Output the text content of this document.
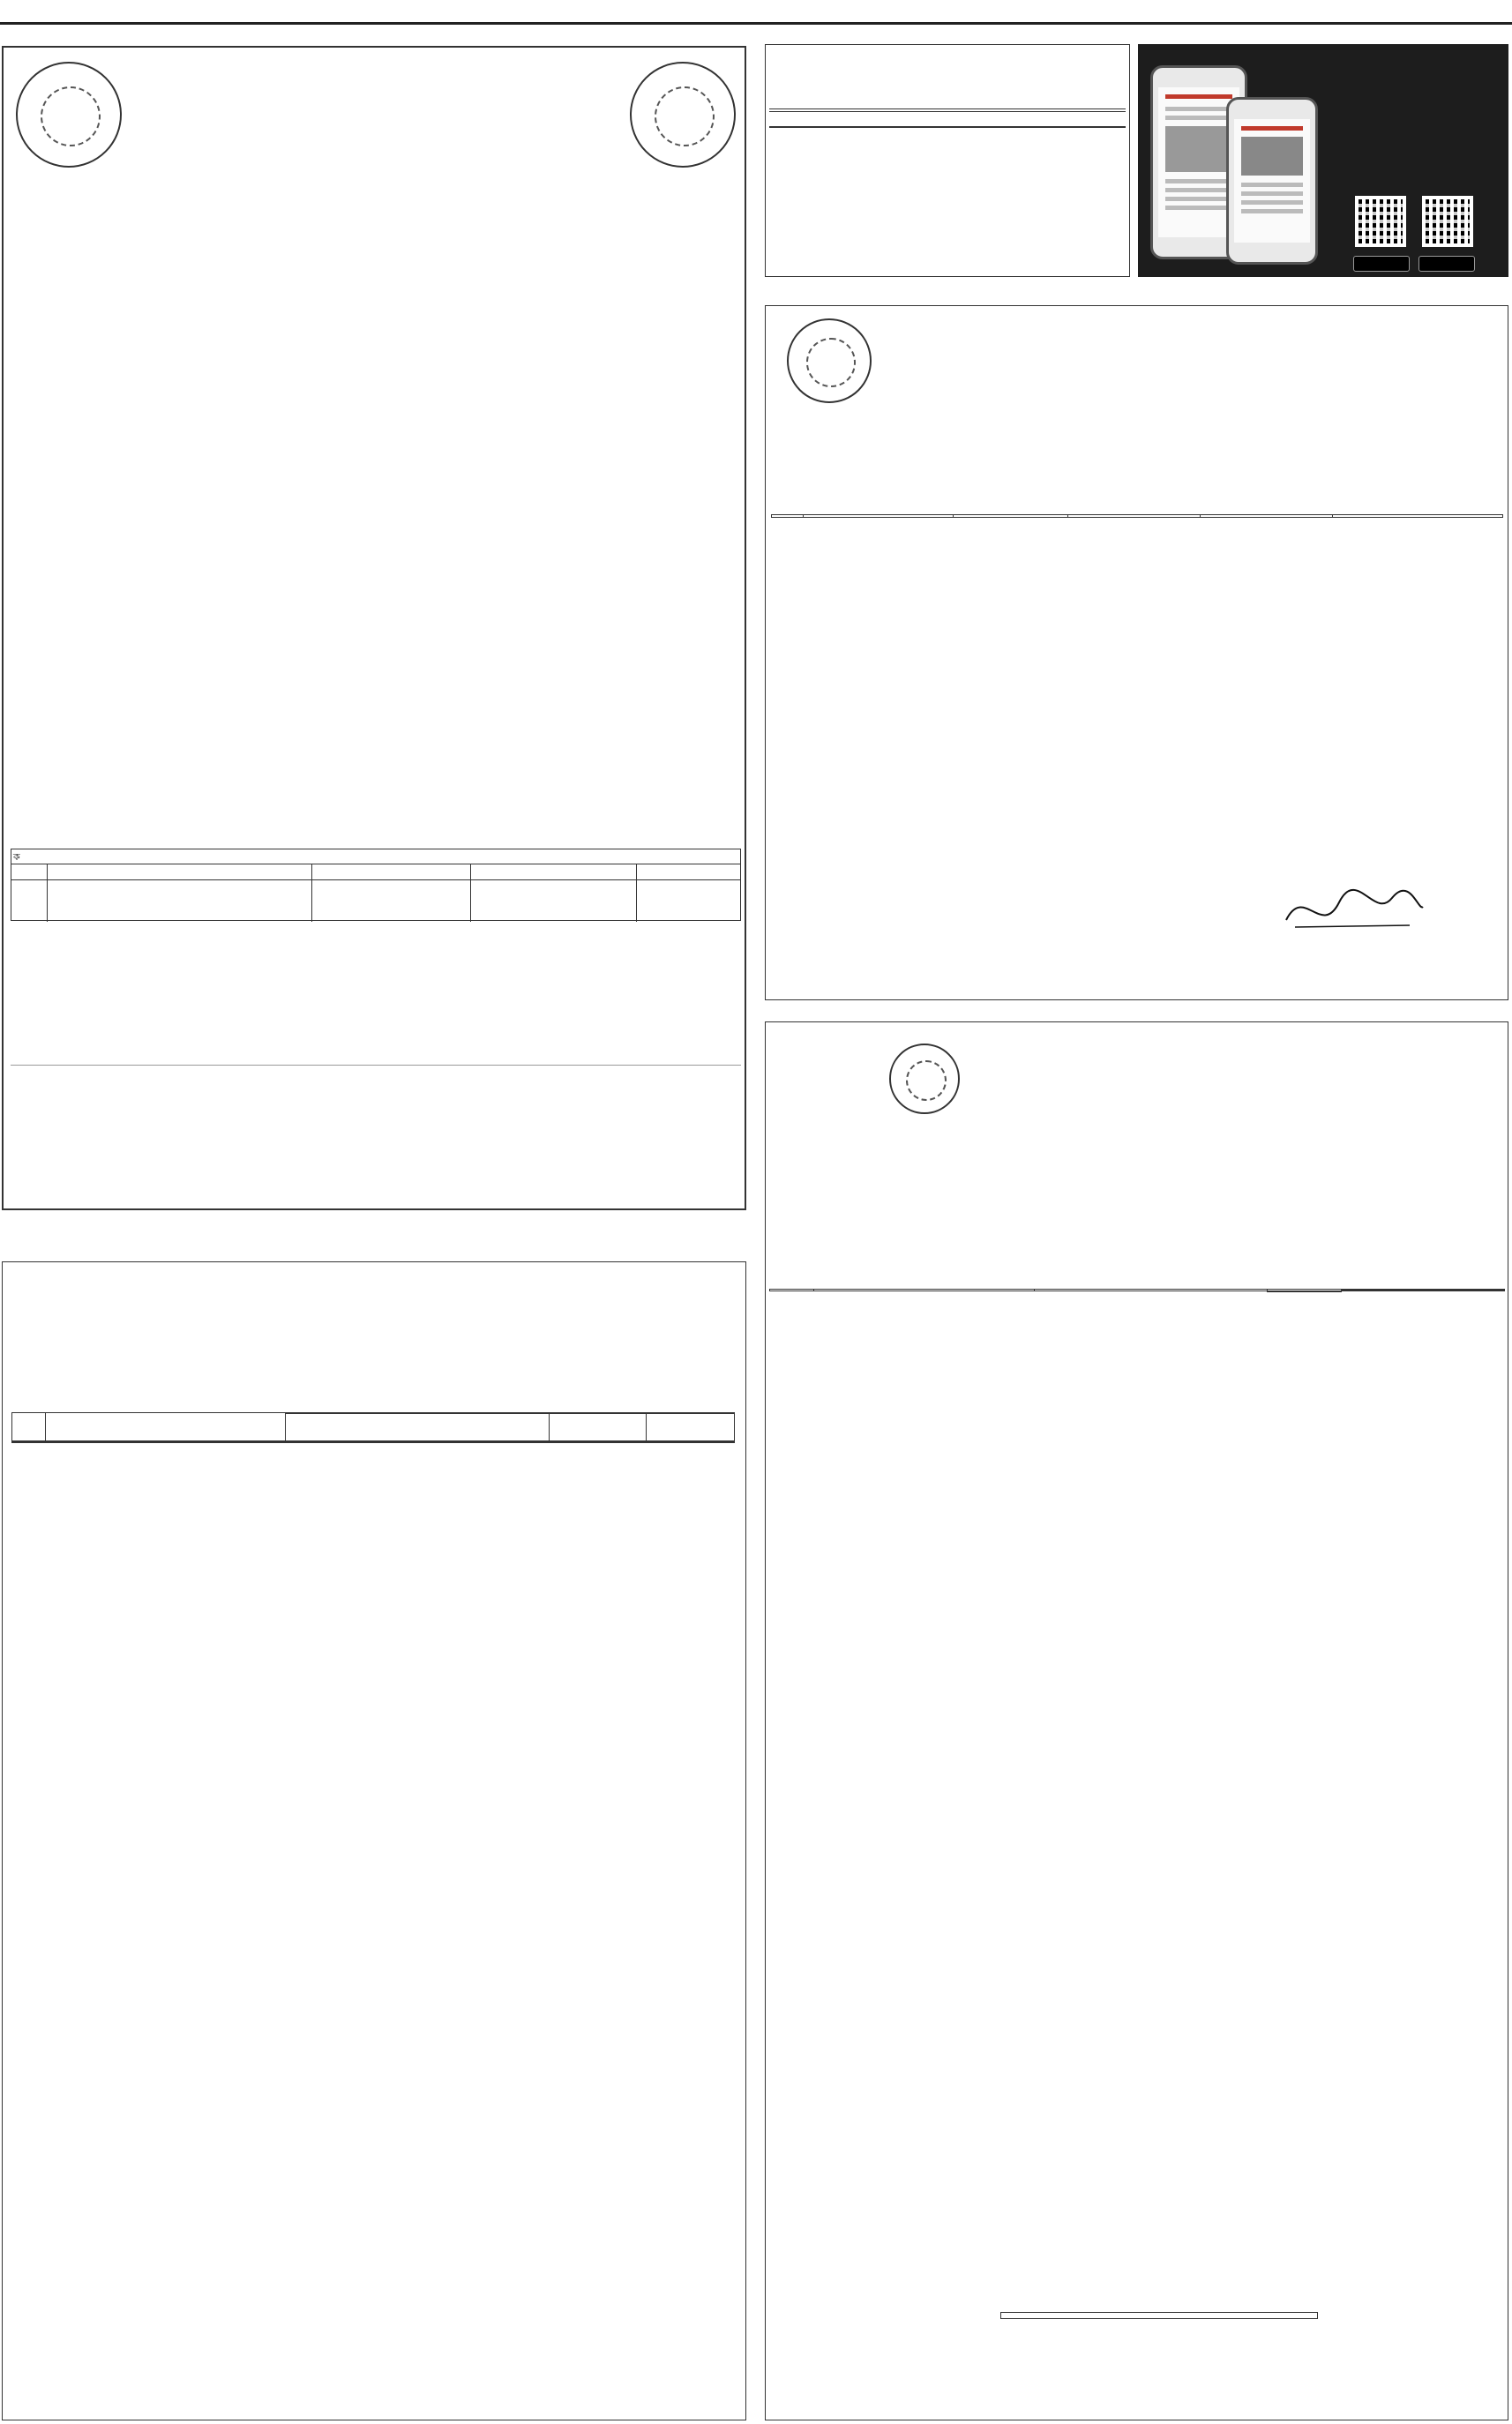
ক
